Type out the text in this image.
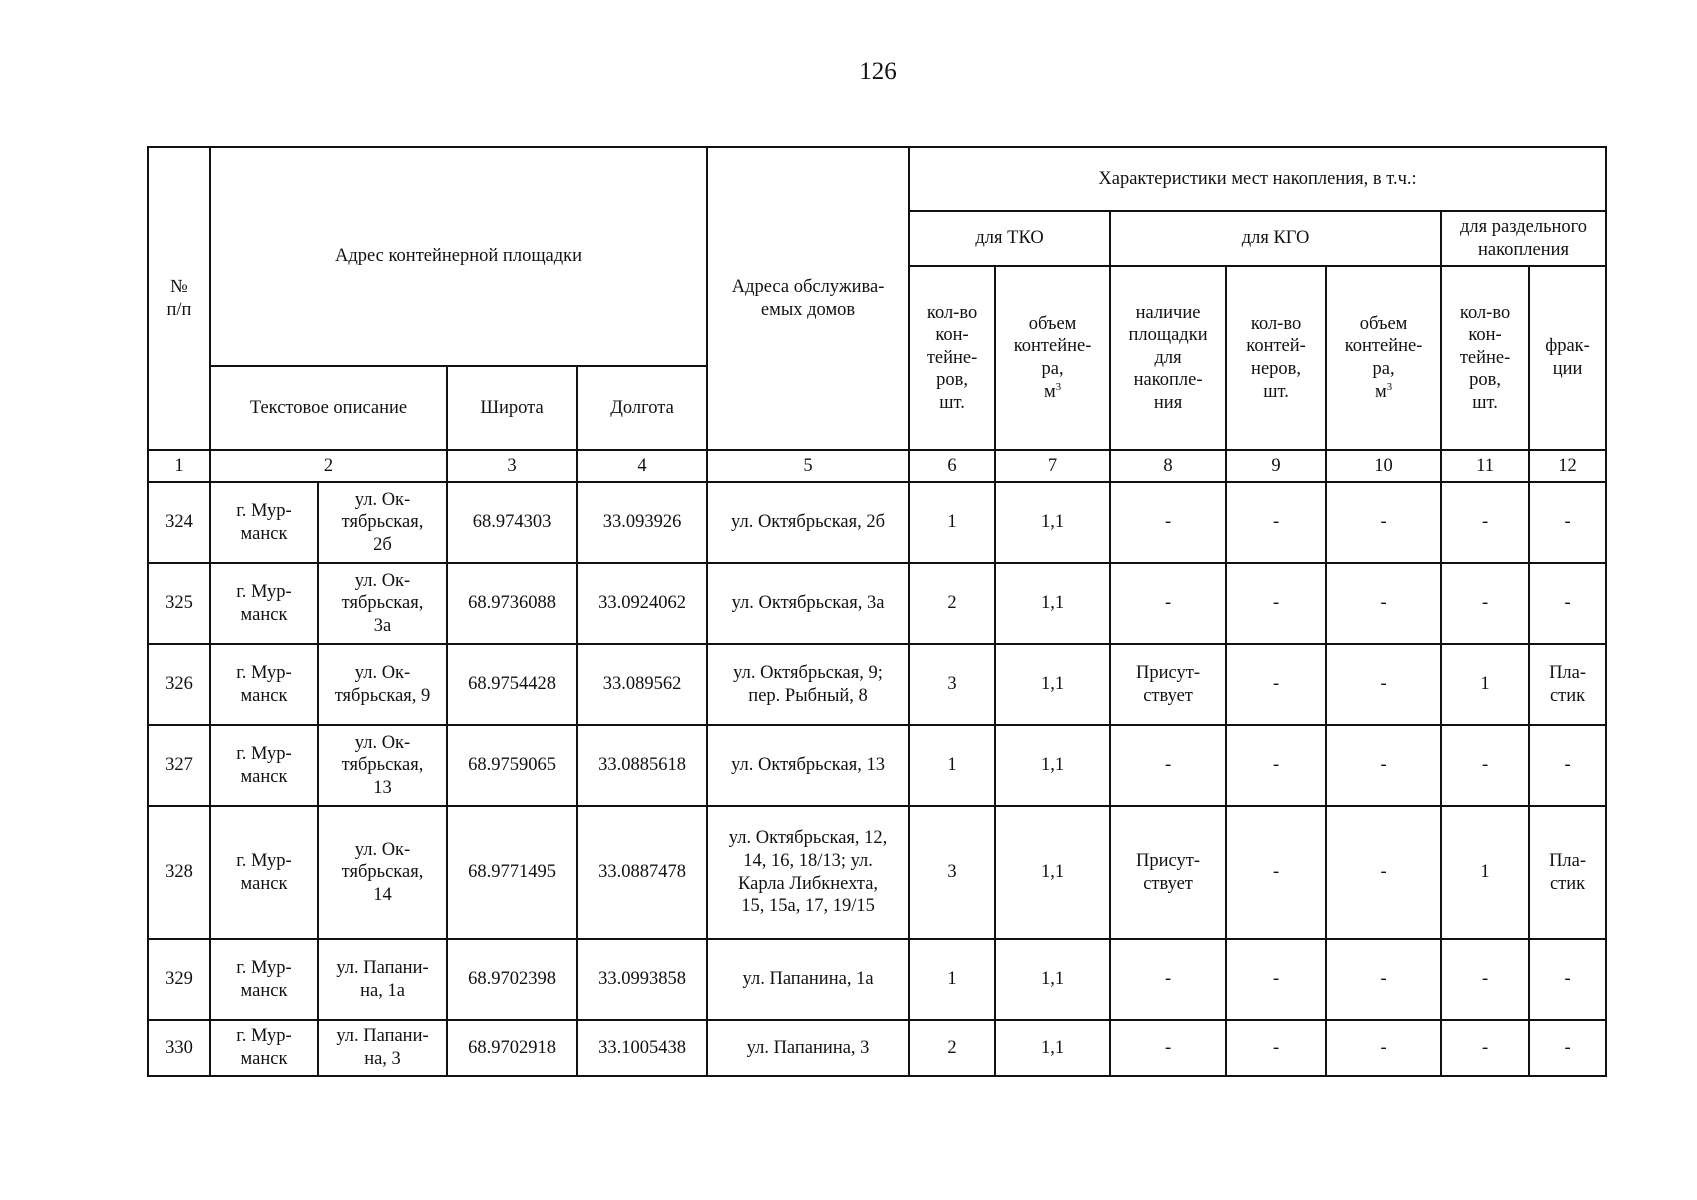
126
№
п/п	Адрес контейнерной площадки				Адреса обслужива-
емых домов	Характеристики мест накопления, в т.ч.:						
						для ТКО		для КГО			для раздельного
накопления	
						кол-во
кон-
тейне-
ров,
шт.	объем
контейне-
ра,
$м^3$	наличие
площадки
для
накопле-
ния	кол-во
контей-
неров,
шт.	объем
контейне-
ра,
$м^3$	кол-во
кон-
тейне-
ров,
шт.	фрак-
ции
	Текстовое описание		Широта	Долгота								
1	2		3	4	5	6	7	8	9	10	11	12
324	г. Мур-
манск	ул. Ок-
тябрьская,
2б	68.974303	33.093926	ул. Октябрьская, 2б	1	1,1	-	-	-	-	-
325	г. Мур-
манск	ул. Ок-
тябрьская,
3а	68.9736088	33.0924062	ул. Октябрьская, 3а	2	1,1	-	-	-	-	-
326	г. Мур-
манск	ул. Ок-
тябрьская, 9	68.9754428	33.089562	ул. Октябрьская, 9;
пер. Рыбный, 8	3	1,1	Присут-
ствует	-	-	1	Пла-
стик
327	г. Мур-
манск	ул. Ок-
тябрьская,
13	68.9759065	33.0885618	ул. Октябрьская, 13	1	1,1	-	-	-	-	-
328	г. Мур-
манск	ул. Ок-
тябрьская,
14	68.9771495	33.0887478	ул. Октябрьская, 12,
14, 16, 18/13; ул.
Карла Либкнехта,
15, 15а, 17, 19/15	3	1,1	Присут-
ствует	-	-	1	Пла-
стик
329	г. Мур-
манск	ул. Папани-
на, 1а	68.9702398	33.0993858	ул. Папанина, 1а	1	1,1	-	-	-	-	-
330	г. Мур-
манск	ул. Папани-
на, 3	68.9702918	33.1005438	ул. Папанина, 3	2	1,1	-	-	-	-	-
